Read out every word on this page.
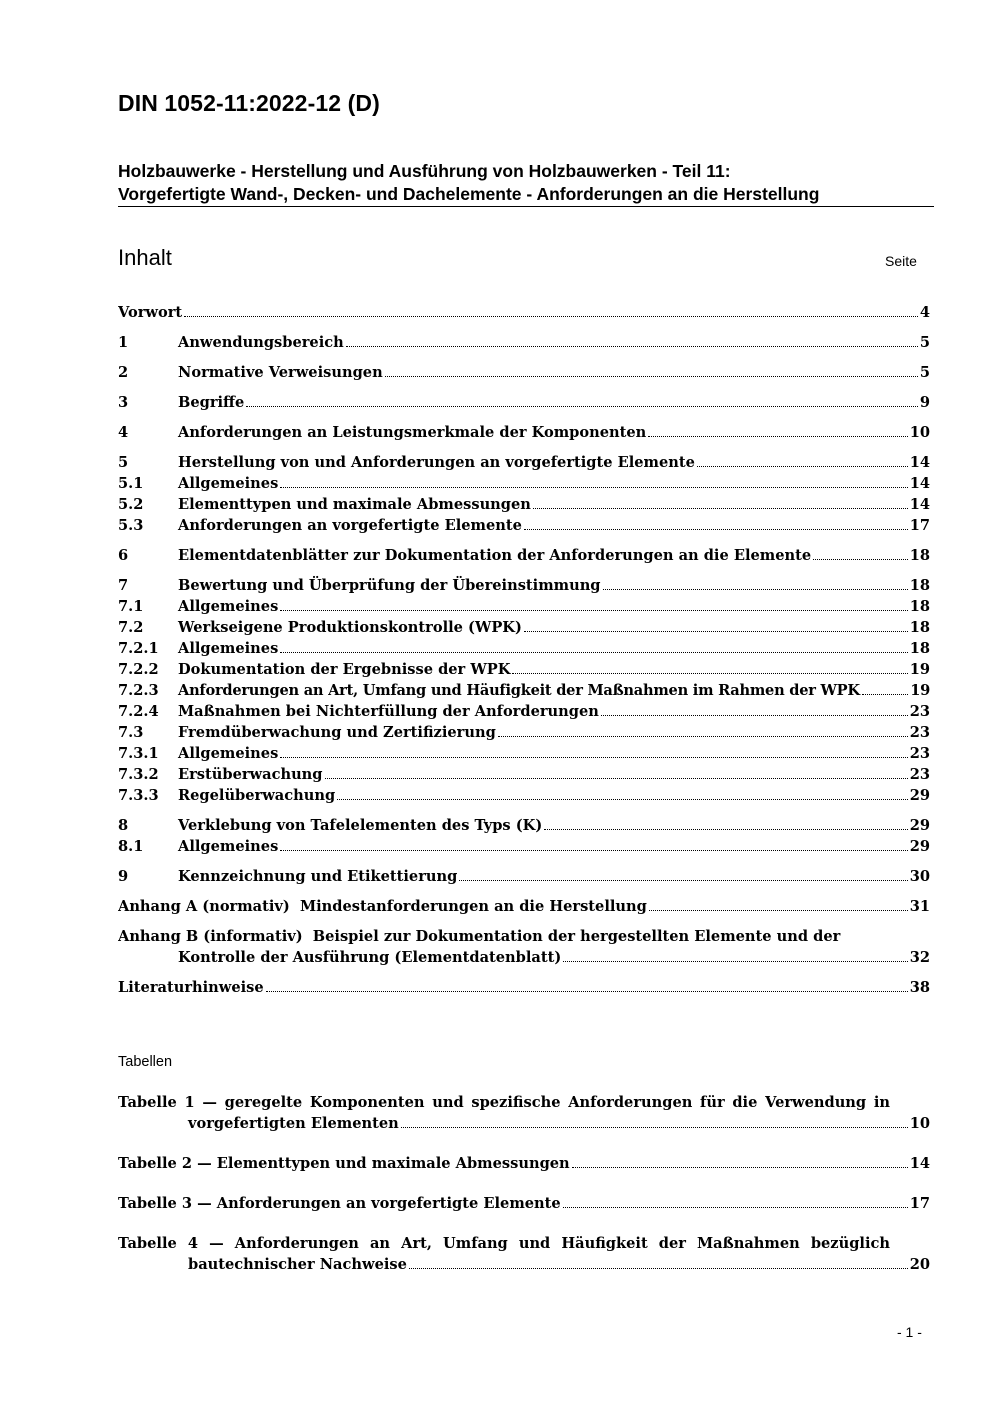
DIN 1052-11:2022-12 (D)
Holzbauwerke - Herstellung und Ausführung von Holzbauwerken - Teil 11:
Vorgefertigte Wand-, Decken- und Dachelemente - Anforderungen an die Herstellung
Inhalt	Seite
Vorwort	4
1	Anwendungsbereich	5
2	Normative Verweisungen	5
3	Begriffe	9
4	Anforderungen an Leistungsmerkmale der Komponenten	10
5	Herstellung von und Anforderungen an vorgefertigte Elemente	14
5.1	Allgemeines	14
5.2	Elementtypen und maximale Abmessungen	14
5.3	Anforderungen an vorgefertigte Elemente	17
6	Elementdatenblätter zur Dokumentation der Anforderungen an die Elemente	18
7	Bewertung und Überprüfung der Übereinstimmung	18
7.1	Allgemeines	18
7.2	Werkseigene Produktionskontrolle (WPK)	18
7.2.1	Allgemeines	18
7.2.2	Dokumentation der Ergebnisse der WPK	19
7.2.3	Anforderungen an Art, Umfang und Häufigkeit der Maßnahmen im Rahmen der WPK	19
7.2.4	Maßnahmen bei Nichterfüllung der Anforderungen	23
7.3	Fremdüberwachung und Zertifizierung	23
7.3.1	Allgemeines	23
7.3.2	Erstüberwachung	23
7.3.3	Regelüberwachung	29
8	Verklebung von Tafelelementen des Typs (K)	29
8.1	Allgemeines	29
9	Kennzeichnung und Etikettierung	30
Anhang A (normativ)  Mindestanforderungen an die Herstellung	31
Anhang B (informativ)  Beispiel zur Dokumentation der hergestellten Elemente und der
Kontrolle der Ausführung (Elementdatenblatt)	32
Literaturhinweise	38
Tabellen
Tabelle 1 — geregelte Komponenten und spezifische Anforderungen für die Verwendung in
vorgefertigten Elementen	10
Tabelle 2 — Elementtypen und maximale Abmessungen	14
Tabelle 3 — Anforderungen an vorgefertigte Elemente	17
Tabelle 4 — Anforderungen an Art, Umfang und Häufigkeit der Maßnahmen bezüglich
bautechnischer Nachweise	20
- 1 -
